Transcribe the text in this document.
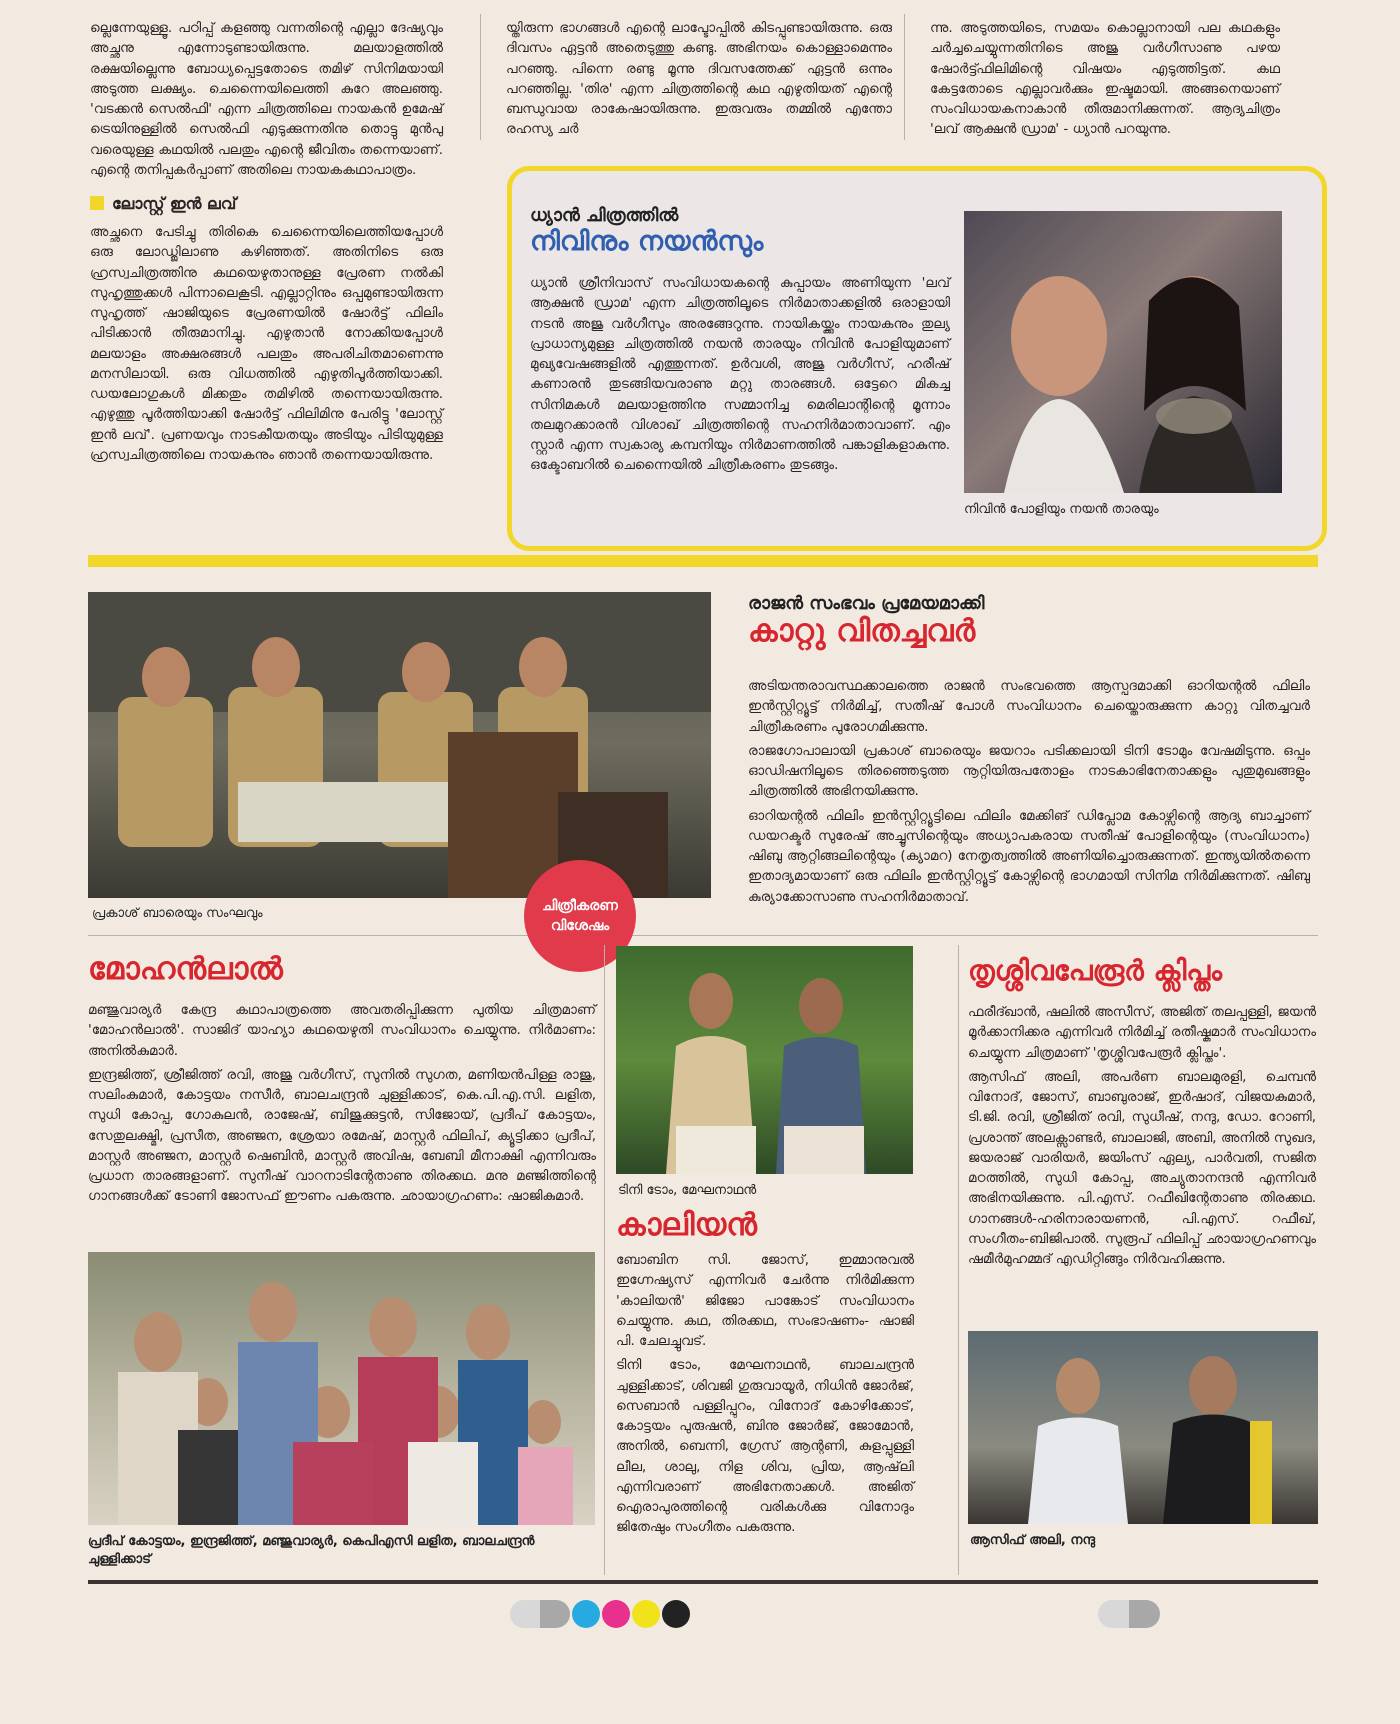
ല്ലെന്നേയുള്ളൂ. പഠിപ്പ് കളഞ്ഞു വന്നതിന്റെ എല്ലാ ദേഷ്യവും അച്ഛനു എന്നോടുണ്ടായിരുന്നു. മലയാളത്തിൽ രക്ഷയില്ലെന്നു ബോധ്യപ്പെട്ടതോടെ തമിഴ് സിനിമയായി അടുത്ത ലക്ഷ്യം. ചെന്നൈയിലെത്തി കുറേ അലഞ്ഞു. 'വടക്കൻ സെൽഫി' എന്ന ചിത്രത്തിലെ നായകൻ ഉമേഷ് ട്രെയിനുള്ളിൽ സെൽഫി എടുക്കുന്നതിനു തൊട്ടു മുൻപു വരെയുള്ള കഥയിൽ പലതും എന്റെ ജീവിതം തന്നെയാണ്. എന്റെ തനിപ്പകർപ്പാണ് അതിലെ നായകകഥാപാത്രം.

ലോസ്റ്റ് ഇൻ ലവ്

അച്ഛനെ പേടിച്ചു തിരികെ ചെന്നൈയിലെത്തിയപ്പോൾ ഒരു ലോഡ്ജിലാണു കഴിഞ്ഞത്. അതിനിടെ ഒരു ഹ്രസ്വചിത്രത്തിനു കഥയെഴുതാനുള്ള പ്രേരണ നൽകി സുഹൃത്തുക്കൾ പിന്നാലെകൂടി. എല്ലാറ്റിനും ഒപ്പമുണ്ടായിരുന്ന സുഹൃത്ത് ഷാജിയുടെ പ്രേരണയിൽ ഷോർട്ട് ഫിലിം പിടിക്കാൻ തീരുമാനിച്ചു. എഴുതാൻ നോക്കിയപ്പോൾ മലയാളം അക്ഷരങ്ങൾ പലതും അപരിചിതമാണെന്നു മനസിലായി. ഒരു വിധത്തിൽ എഴുതിപൂർത്തിയാക്കി. ഡയലോഗുകൾ മിക്കതും തമിഴിൽ തന്നെയായിരുന്നു. എഴുത്തു പൂർത്തിയാക്കി ഷോർട്ട് ഫിലിമിനു പേരിട്ടു 'ലോസ്റ്റ് ഇൻ ലവ്'. പ്രണയവും നാടകീയതയും അടിയും പിടിയുമുള്ള ഹ്രസ്വചിത്രത്തിലെ നായകനും ഞാൻ തന്നെയായിരുന്നു.

യ്തിരുന്ന ഭാഗങ്ങൾ എന്റെ ലാപ്ടോപ്പിൽ കിടപ്പുണ്ടായിരുന്നു. ഒരു ദിവസം ഏട്ടൻ അതെടുത്തു കണ്ടു. അഭിനയം കൊള്ളാമെന്നും പറഞ്ഞു. പിന്നെ രണ്ടു മൂന്നു ദിവസത്തേക്ക് ഏട്ടൻ ഒന്നും പറഞ്ഞില്ല. 'തിര' എന്ന ചിത്രത്തിന്റെ കഥ എഴുതിയത് എന്റെ ബന്ധുവായ രാകേഷായിരുന്നു. ഇരുവരും തമ്മിൽ എന്തോ രഹസ്യ ചർ

ന്നു. അടുത്തയിടെ, സമയം കൊല്ലാനായി പല കഥകളും ചർച്ചചെയ്യുന്നതിനിടെ അജു വർഗീസാണു പഴയ ഷോർട്ട്ഫിലിമിന്റെ വിഷയം എടുത്തിട്ടത്. കഥ കേട്ടതോടെ എല്ലാവർക്കും ഇഷ്ടമായി. അങ്ങനെയാണ് സംവിധായകനാകാൻ തീരുമാനിക്കുന്നത്. ആദ്യചിത്രം 'ലവ് ആക്ഷൻ ഡ്രാമ' - ധ്യാൻ പറയുന്നു.

ധ്യാൻ ചിത്രത്തിൽ
നിവിനും നയൻസും
ധ്യാൻ ശ്രീനിവാസ് സംവിധായകന്റെ കുപ്പായം അണിയുന്ന 'ലവ് ആക്ഷൻ ഡ്രാമ' എന്ന ചിത്രത്തിലൂടെ നിർമാതാക്കളിൽ ഒരാളായി നടൻ അജു വർഗീസും അരങ്ങേറുന്നു. നായികയ്ക്കും നായകനും തുല്യ പ്രാധാന്യമുള്ള ചിത്രത്തിൽ നയൻ താരയും നിവിൻ പോളിയുമാണ് മുഖ്യവേഷങ്ങളിൽ എത്തുന്നത്. ഉർവശി, അജു വർഗീസ്, ഹരീഷ് കണാരൻ തുടങ്ങിയവരാണു മറ്റു താരങ്ങൾ. ഒട്ടേറെ മികച്ച സിനിമകൾ മലയാളത്തിനു സമ്മാനിച്ച മെരിലാന്റിന്റെ മൂന്നാം തലമുറക്കാരൻ വിശാഖ് ചിത്രത്തിന്റെ സഹനിർമാതാവാണ്. എം സ്റ്റാർ എന്ന സ്വകാര്യ കമ്പനിയും നിർമാണത്തിൽ പങ്കാളികളാകുന്നു. ഒക്ടോബറിൽ ചെന്നൈയിൽ ചിത്രീകരണം തുടങ്ങും.
നിവിൻ പോളിയും നയൻ താരയും
പ്രകാശ് ബാരെയും സംഘവും
രാജൻ സംഭവം പ്രമേയമാക്കി
കാറ്റു വിതച്ചവർ

അടിയന്തരാവസ്ഥക്കാലത്തെ രാജൻ സംഭവത്തെ ആസ്പദമാക്കി ഓറിയന്റൽ ഫിലിം ഇൻസ്റ്റിറ്റ്യൂട്ട് നിർമിച്ച്, സതീഷ് പോൾ സംവിധാനം ചെയ്തൊരുക്കുന്ന കാറ്റു വിതച്ചവർ ചിത്രീകരണം പുരോഗമിക്കുന്നു.

രാജഗോപാലായി പ്രകാശ് ബാരെയും ജയറാം പടിക്കലായി ടിനി ടോമും വേഷമിടുന്നു. ഒപ്പം ഓഡിഷനിലൂടെ തിരഞ്ഞെടുത്ത നൂറ്റിയിരുപതോളം നാടകാഭിനേതാക്കളും പുതുമുഖങ്ങളും ചിത്രത്തിൽ അഭിനയിക്കുന്നു.

ഓറിയന്റൽ ഫിലിം ഇൻസ്റ്റിറ്റ്യൂട്ടിലെ ഫിലിം മേക്കിങ് ഡിപ്ലോമ കോഴ്സിന്റെ ആദ്യ ബാച്ചാണ് ഡയറക്ടർ സുരേഷ് അച്ചൂസിന്റെയും അധ്യാപകരായ സതീഷ് പോളിന്റെയും (സംവിധാനം) ഷിബു ആറ്റിങ്ങലിന്റെയും (ക്യാമറ) നേതൃത്വത്തിൽ അണിയിച്ചൊരുക്കുന്നത്. ഇന്ത്യയിൽതന്നെ ഇതാദ്യമായാണ് ഒരു ഫിലിം ഇൻസ്റ്റിറ്റ്യൂട്ട് കോഴ്സിന്റെ ഭാഗമായി സിനിമ നിർമിക്കുന്നത്. ഷിബു കുര്യാക്കോസാണു സഹനിർമാതാവ്.

ചിത്രീകരണ
വിശേഷം
മോഹൻലാൽ

മഞ്ജുവാര്യർ കേന്ദ്ര കഥാപാത്രത്തെ അവതരിപ്പിക്കുന്ന പുതിയ ചിത്രമാണ് 'മോഹൻലാൽ'. സാജിദ് യാഹ്യാ കഥയെഴുതി സംവിധാനം ചെയ്യുന്നു. നിർമാണം: അനിൽകുമാർ.

ഇന്ദ്രജിത്ത്, ശ്രീജിത്ത് രവി, അജു വർഗീസ്, സുനിൽ സുഗത, മണിയൻപിള്ള രാജു, സലിംകുമാർ, കോട്ടയം നസീർ, ബാലചന്ദ്രൻ ചുള്ളിക്കാട്, കെ.പി.എ.സി. ലളിത, സുധി കോപ്പ, ഗോകുലൻ, രാജേഷ്, ബിജുക്കുട്ടൻ, സിജോയ്, പ്രദീപ് കോട്ടയം, സേതുലക്ഷ്മി, പ്രസീത, അഞ്ജന, ശ്രേയാ രമേഷ്, മാസ്റ്റർ ഫിലിപ്, ക്യൂട്ടിക്കാ പ്രദീപ്, മാസ്റ്റർ അഞ്ജന, മാസ്റ്റർ ഷെബിൻ, മാസ്റ്റർ അവിഷ, ബേബി മീനാക്ഷി എന്നിവരും പ്രധാന താരങ്ങളാണ്. സുനീഷ് വാറനാടിന്റേതാണു തിരക്കഥ. മനു മഞ്ജിത്തിന്റെ ഗാനങ്ങൾക്ക് ടോണി ജോസഫ് ഈണം പകരുന്നു. ഛായാഗ്രഹണം: ഷാജികുമാർ.

പ്രദീപ് കോട്ടയം, ഇന്ദ്രജിത്ത്, മഞ്ജുവാര്യർ, കെപിഎസി ലളിത, ബാലചന്ദ്രൻ ചുള്ളിക്കാട്
ടിനി ടോം, മേഘനാഥൻ
കാലിയൻ

ബോബിന സി. ജോസ്, ഇമ്മാനുവൽ ഇഗ്നേഷ്യസ് എന്നിവർ ചേർന്നു നിർമിക്കുന്ന 'കാലിയൻ' ജിജോ പാങ്കോട് സംവിധാനം ചെയ്യുന്നു. കഥ, തിരക്കഥ, സംഭാഷണം- ഷാജി പി. ചേലച്ചുവട്.

ടിനി ടോം, മേഘനാഥൻ, ബാലചന്ദ്രൻ ചുള്ളിക്കാട്, ശിവജി ഗുരുവായൂർ, നിധിൻ ജോർജ്, സെബാൻ പള്ളിപ്പുറം, വിനോദ് കോഴിക്കോട്, കോട്ടയം പുരുഷൻ, ബിനു ജോർജ്, ജോമോൻ, അനിൽ, ബെന്നി, ഗ്രേസ് ആന്റണി, കുളപ്പുള്ളി ലീല, ശാലു, നിള ശിവ, പ്രിയ, ആഷ്‌ലി എന്നിവരാണ് അഭിനേതാക്കൾ. അജിത് ഐരാപുരത്തിന്റെ വരികൾക്കു വിനോദും ജിതേഷും സംഗീതം പകരുന്നു.

തൃശ്ശിവപേരൂർ ക്ലിപ്തം

ഫരീദ്ഖാൻ, ഷലിൽ അസീസ്, അജിത് തലപ്പള്ളി, ജയൻ മൂർക്കാനിക്കര എന്നിവർ നിർമിച്ച് രതീഷ്കുമാർ സംവിധാനം ചെയ്യുന്ന ചിത്രമാണ് 'തൃശ്ശിവപേരൂർ ക്ലിപ്തം'.

ആസിഫ് അലി, അപർണ ബാലമുരളി, ചെമ്പൻ വിനോദ്, ജോസ്, ബാബുരാജ്, ഇർഷാദ്, വിജയകുമാർ, ടി.ജി. രവി, ശ്രീജിത് രവി, സുധീഷ്, നന്ദു, ഡോ. റോണി, പ്രശാന്ത് അലക്സാണ്ടർ, ബാലാജി, അബി, അനിൽ സുഖദ, ജയരാജ് വാരിയർ, ജയിംസ് ഏല്യ, പാർവതി, സജിത മഠത്തിൽ, സുധി കോപ്പ, അച്യുതാനന്ദൻ എന്നിവർ അഭിനയിക്കുന്നു. പി.എസ്. റഫീഖിന്റേതാണു തിരക്കഥ. ഗാനങ്ങൾ-ഹരിനാരായണൻ, പി.എസ്. റഫീഖ്, സംഗീതം-ബിജിപാൽ. സുരൂപ് ഫിലിപ്പ് ഛായാഗ്രഹണവും ഷമീർമുഹമ്മദ് എഡിറ്റിങ്ങും നിർവഹിക്കുന്നു.

ആസിഫ് അലി, നന്ദു
